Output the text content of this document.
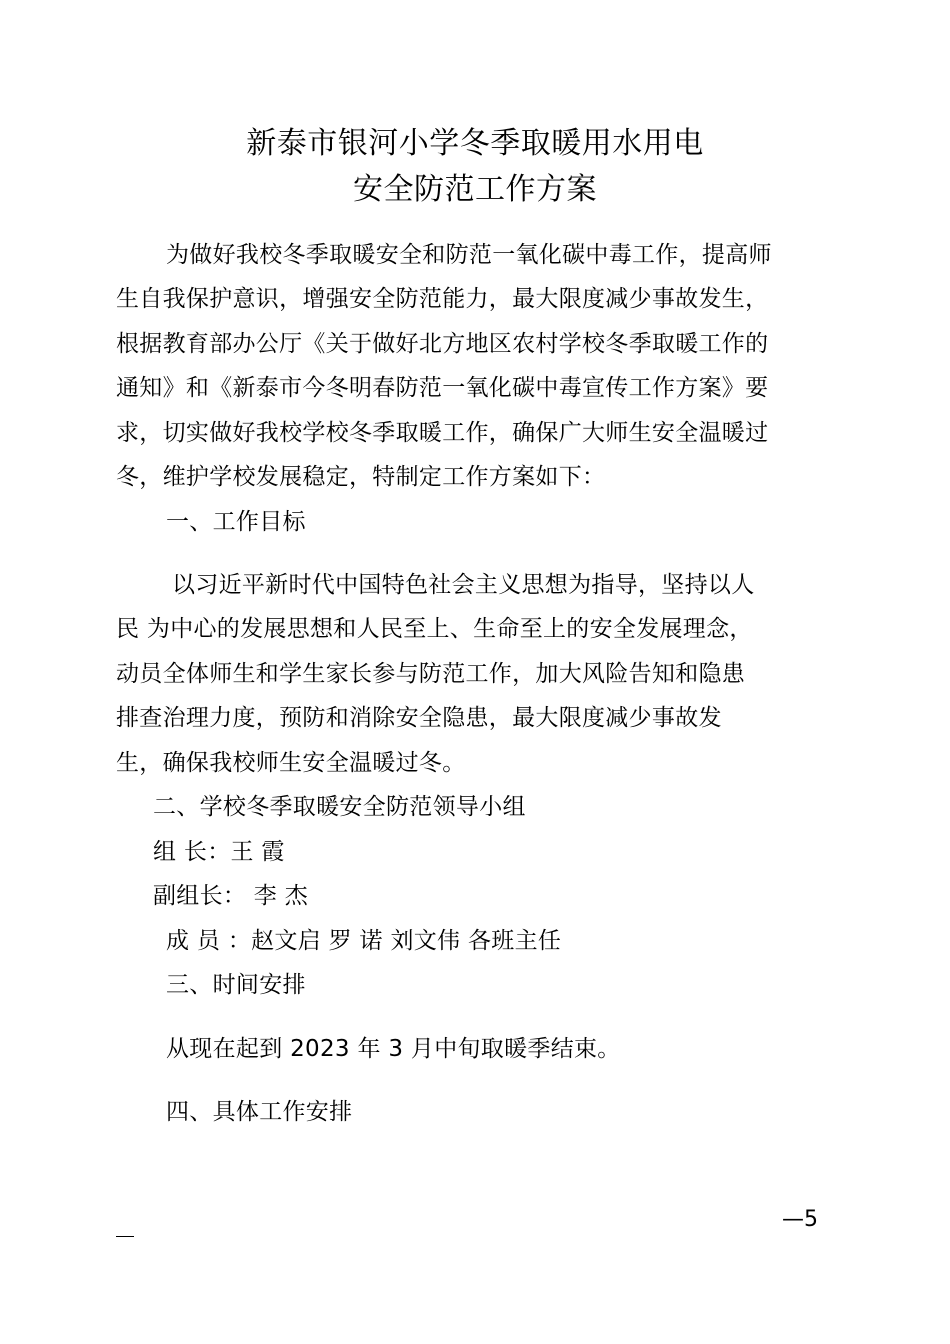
新泰市银河小学冬季取暖用水用电
安全防范工作方案
为做好我校冬季取暖安全和防范一氧化碳中毒工作，提高师
生自我保护意识，增强安全防范能力，最大限度减少事故发生，
根据教育部办公厅《关于做好北方地区农村学校冬季取暖工作的
通知》和《新泰市今冬明春防范一氧化碳中毒宣传工作方案》要
求，切实做好我校学校冬季取暖工作，确保广大师生安全温暖过
冬，维护学校发展稳定，特制定工作方案如下：
一、工作目标
以习近平新时代中国特色社会主义思想为指导，坚持以人
民 为中心的发展思想和人民至上、生命至上的安全发展理念，
动员全体师生和学生家长参与防范工作，加大风险告知和隐患
排查治理力度，预防和消除安全隐患，最大限度减少事故发
生，确保我校师生安全温暖过冬。
二、学校冬季取暖安全防范领导小组
组 长：王 霞
副组长： 李 杰
成 员 ：赵文启 罗 诺 刘文伟 各班主任
三、时间安排
从现在起到 2023 年 3 月中旬取暖季结束。
四、具体工作安排
—5
